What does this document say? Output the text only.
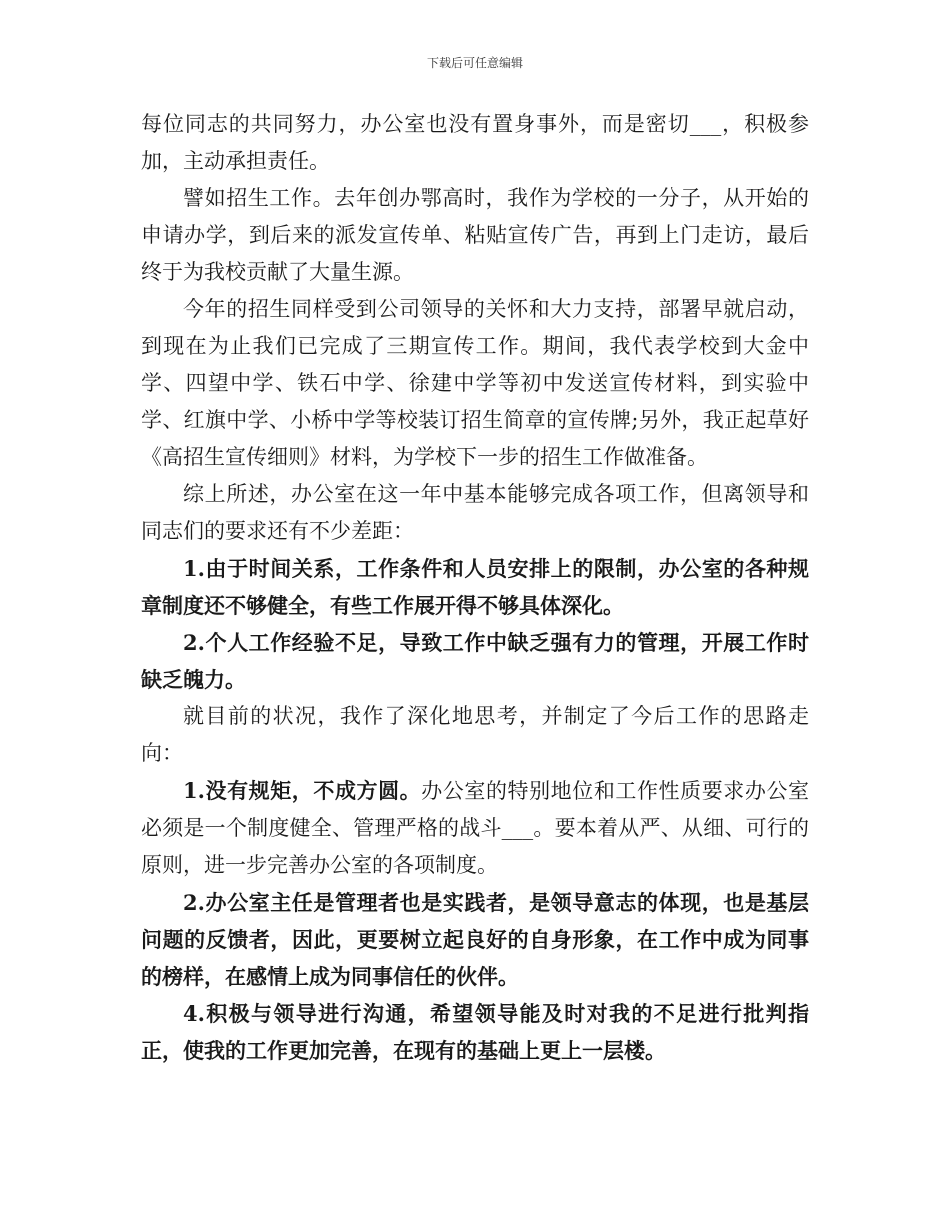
下载后可任意编辑

每位同志的共同努力，办公室也没有置身事外，而是密切___，积极参加，主动承担责任。

譬如招生工作。去年创办鄂高时，我作为学校的一分子，从开始的申请办学，到后来的派发宣传单、粘贴宣传广告，再到上门走访，最后终于为我校贡献了大量生源。

今年的招生同样受到公司领导的关怀和大力支持，部署早就启动，到现在为止我们已完成了三期宣传工作。期间，我代表学校到大金中学、四望中学、铁石中学、徐建中学等初中发送宣传材料，到实验中学、红旗中学、小桥中学等校装订招生简章的宣传牌;另外，我正起草好《高招生宣传细则》材料，为学校下一步的招生工作做准备。

综上所述，办公室在这一年中基本能够完成各项工作，但离领导和同志们的要求还有不少差距：

1.由于时间关系，工作条件和人员安排上的限制，办公室的各种规章制度还不够健全，有些工作展开得不够具体深化。

2.个人工作经验不足，导致工作中缺乏强有力的管理，开展工作时缺乏魄力。

就目前的状况，我作了深化地思考，并制定了今后工作的思路走向：

1.没有规矩，不成方圆。办公室的特别地位和工作性质要求办公室必须是一个制度健全、管理严格的战斗___。要本着从严、从细、可行的原则，进一步完善办公室的各项制度。

2.办公室主任是管理者也是实践者，是领导意志的体现，也是基层问题的反馈者，因此，更要树立起良好的自身形象，在工作中成为同事的榜样，在感情上成为同事信任的伙伴。

4.积极与领导进行沟通，希望领导能及时对我的不足进行批判指正，使我的工作更加完善，在现有的基础上更上一层楼。
